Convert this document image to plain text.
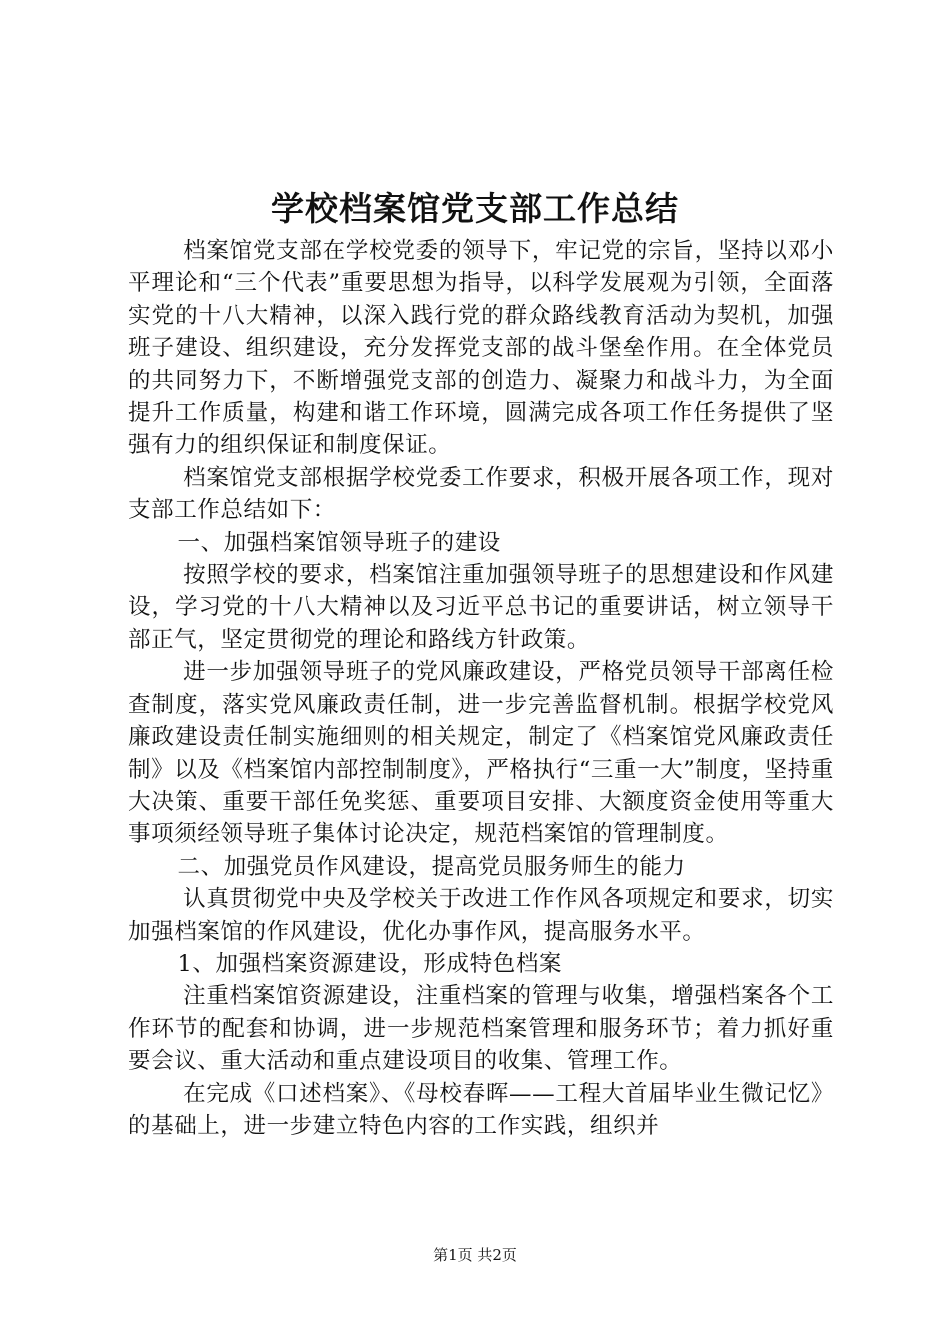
学校档案馆党支部工作总结

档案馆党支部在学校党委的领导下，牢记党的宗旨，坚持以邓小平理论和“三个代表”重要思想为指导，以科学发展观为引领，全面落实党的十八大精神，以深入践行党的群众路线教育活动为契机，加强班子建设、组织建设，充分发挥党支部的战斗堡垒作用。在全体党员的共同努力下，不断增强党支部的创造力、凝聚力和战斗力，为全面提升工作质量，构建和谐工作环境，圆满完成各项工作任务提供了坚强有力的组织保证和制度保证。

档案馆党支部根据学校党委工作要求，积极开展各项工作，现对支部工作总结如下：

一、加强档案馆领导班子的建设

按照学校的要求，档案馆注重加强领导班子的思想建设和作风建设，学习党的十八大精神以及习近平总书记的重要讲话，树立领导干部正气，坚定贯彻党的理论和路线方针政策。

进一步加强领导班子的党风廉政建设，严格党员领导干部离任检查制度，落实党风廉政责任制，进一步完善监督机制。根据学校党风廉政建设责任制实施细则的相关规定，制定了《档案馆党风廉政责任制》以及《档案馆内部控制制度》，严格执行“三重一大”制度，坚持重大决策、重要干部任免奖惩、重要项目安排、大额度资金使用等重大事项须经领导班子集体讨论决定，规范档案馆的管理制度。

二、加强党员作风建设，提高党员服务师生的能力

认真贯彻党中央及学校关于改进工作作风各项规定和要求，切实加强档案馆的作风建设，优化办事作风，提高服务水平。

1、加强档案资源建设，形成特色档案

注重档案馆资源建设，注重档案的管理与收集，增强档案各个工作环节的配套和协调，进一步规范档案管理和服务环节；着力抓好重要会议、重大活动和重点建设项目的收集、管理工作。

在完成《口述档案》、《母校春晖——工程大首届毕业生微记忆》的基础上，进一步建立特色内容的工作实践，组织并

第1页 共2页
